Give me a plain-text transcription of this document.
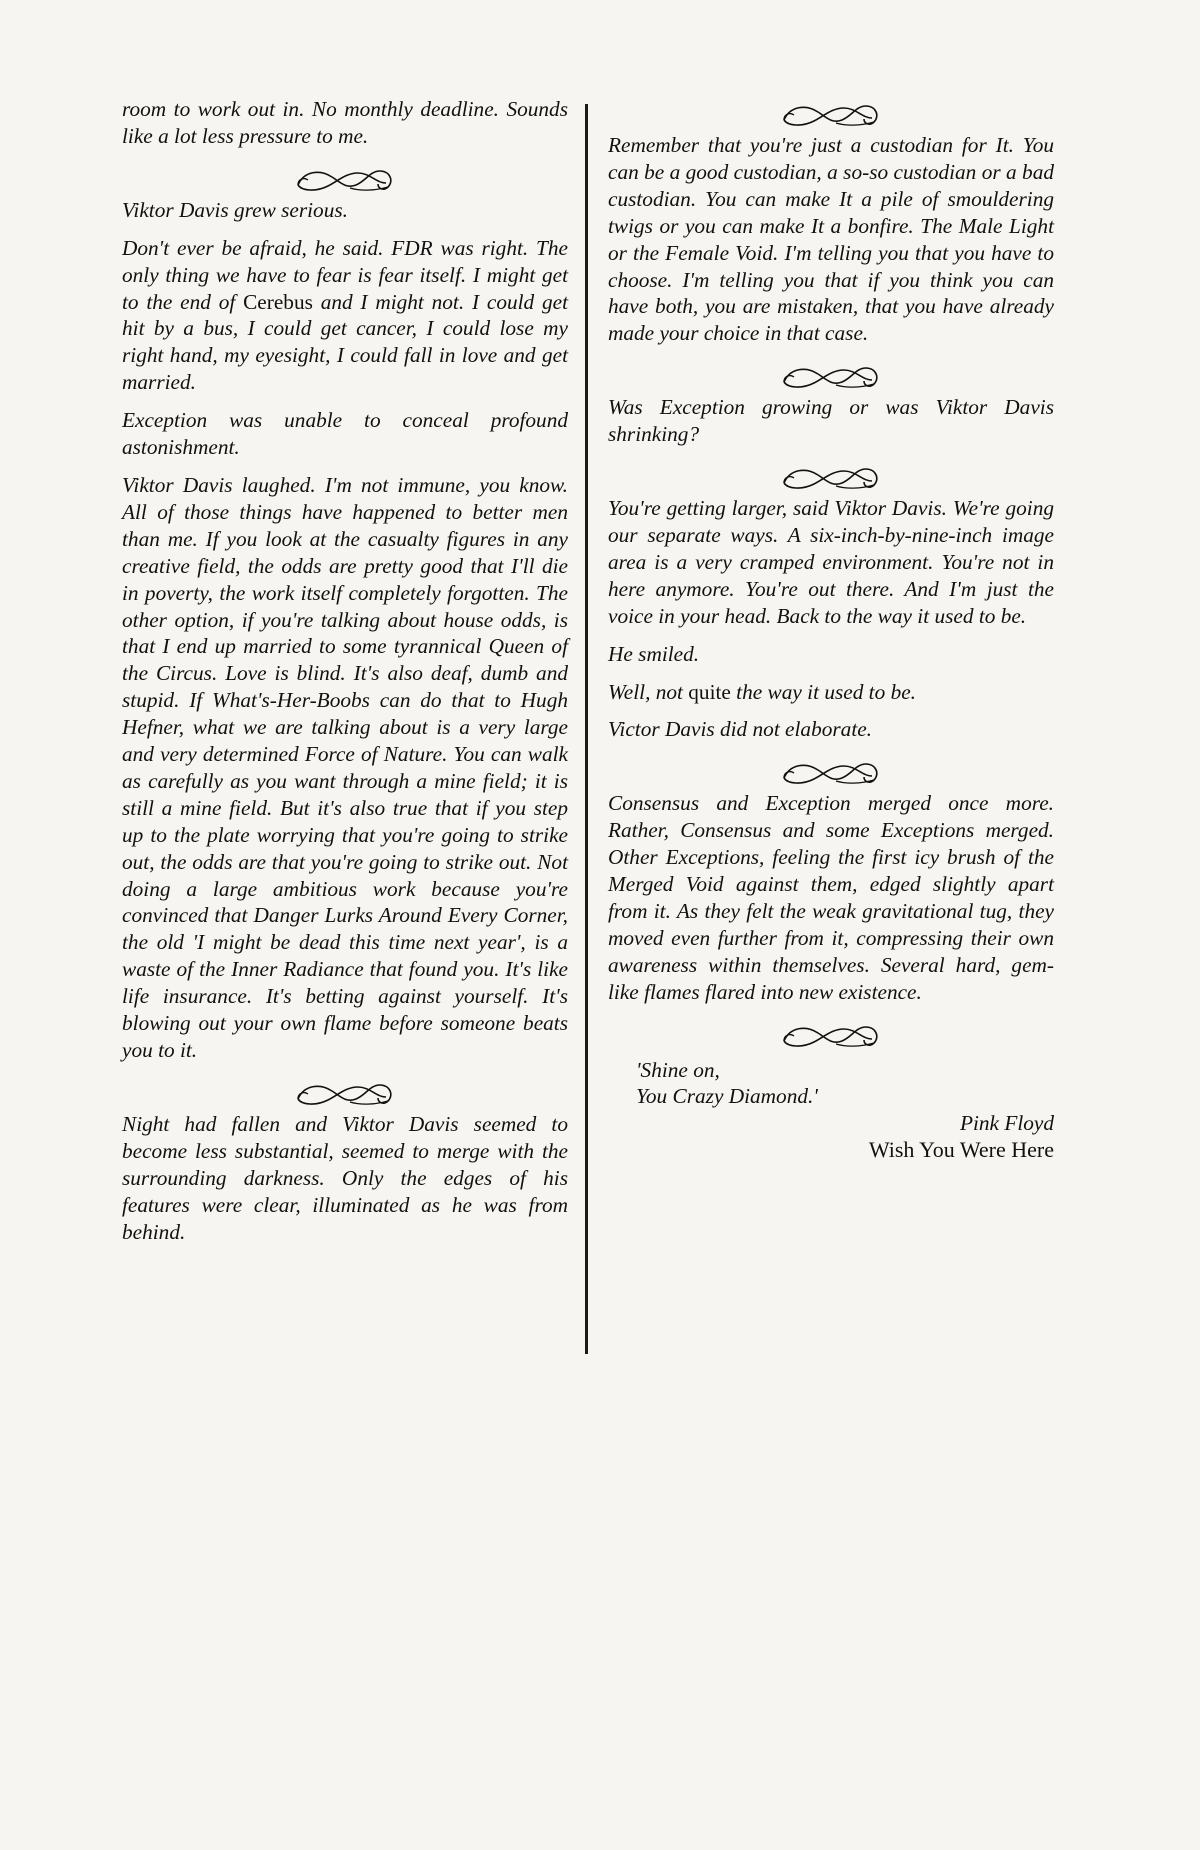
room to work out in. No monthly deadline. Sounds like a lot less pressure to me.

Viktor Davis grew serious.

Don't ever be afraid, he said. FDR was right. The only thing we have to fear is fear itself. I might get to the end of Cerebus and I might not. I could get hit by a bus, I could get cancer, I could lose my right hand, my eyesight, I could fall in love and get married.

Exception was unable to conceal profound astonishment.

Viktor Davis laughed. I'm not immune, you know. All of those things have happened to better men than me. If you look at the casualty figures in any creative field, the odds are pretty good that I'll die in poverty, the work itself completely forgotten. The other option, if you're talking about house odds, is that I end up married to some tyrannical Queen of the Circus. Love is blind. It's also deaf, dumb and stupid. If What's-Her-Boobs can do that to Hugh Hefner, what we are talking about is a very large and very determined Force of Nature. You can walk as carefully as you want through a mine field; it is still a mine field. But it's also true that if you step up to the plate worrying that you're going to strike out, the odds are that you're going to strike out. Not doing a large ambitious work because you're convinced that Danger Lurks Around Every Corner, the old 'I might be dead this time next year', is a waste of the Inner Radiance that found you. It's like life insurance. It's betting against yourself. It's blowing out your own flame before someone beats you to it.

Night had fallen and Viktor Davis seemed to become less substantial, seemed to merge with the surrounding darkness. Only the edges of his features were clear, illuminated as he was from behind.

Remember that you're just a custodian for It. You can be a good custodian, a so-so custodian or a bad custodian. You can make It a pile of smouldering twigs or you can make It a bonfire. The Male Light or the Female Void. I'm telling you that you have to choose. I'm telling you that if you think you can have both, you are mistaken, that you have already made your choice in that case.

Was Exception growing or was Viktor Davis shrinking?

You're getting larger, said Viktor Davis. We're going our separate ways. A six-inch-by-nine-inch image area is a very cramped environment. You're not in here anymore. You're out there. And I'm just the voice in your head. Back to the way it used to be.

He smiled.

Well, not quite the way it used to be.

Victor Davis did not elaborate.

Consensus and Exception merged once more. Rather, Consensus and some Exceptions merged. Other Exceptions, feeling the first icy brush of the Merged Void against them, edged slightly apart from it. As they felt the weak gravitational tug, they moved even further from it, compressing their own awareness within themselves. Several hard, gem-like flames flared into new existence.

'Shine on,
You Crazy Diamond.'
Pink Floyd
Wish You Were Here
